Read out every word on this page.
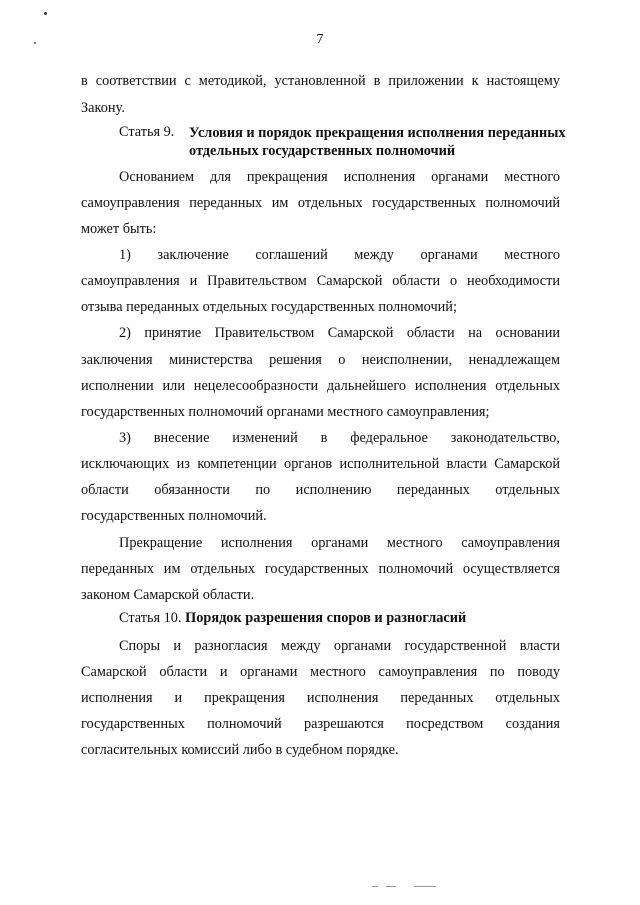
7
в соответствии с методикой, установленной в приложении к настоящему
Закону.
Статья 9. Условия и порядок прекращения исполнения переданных
отдельных государственных полномочий
Основанием для прекращения исполнения органами местного
самоуправления переданных им отдельных государственных полномочий
может быть:
1) заключение соглашений между органами местного
самоуправления и Правительством Самарской области о необходимости
отзыва переданных отдельных государственных полномочий;
2) принятие Правительством Самарской области на основании
заключения министерства решения о неисполнении, ненадлежащем
исполнении или нецелесообразности дальнейшего исполнения отдельных
государственных полномочий органами местного самоуправления;
3) внесение изменений в федеральное законодательство,
исключающих из компетенции органов исполнительной власти Самарской
области обязанности по исполнению переданных отдельных
государственных полномочий.
Прекращение исполнения органами местного самоуправления
переданных им отдельных государственных полномочий осуществляется
законом Самарской области.
Статья 10. Порядок разрешения споров и разногласий
Споры и разногласия между органами государственной власти
Самарской области и органами местного самоуправления по поводу
исполнения и прекращения исполнения переданных отдельных
государственных полномочий разрешаются посредством создания
согласительных комиссий либо в судебном порядке.
